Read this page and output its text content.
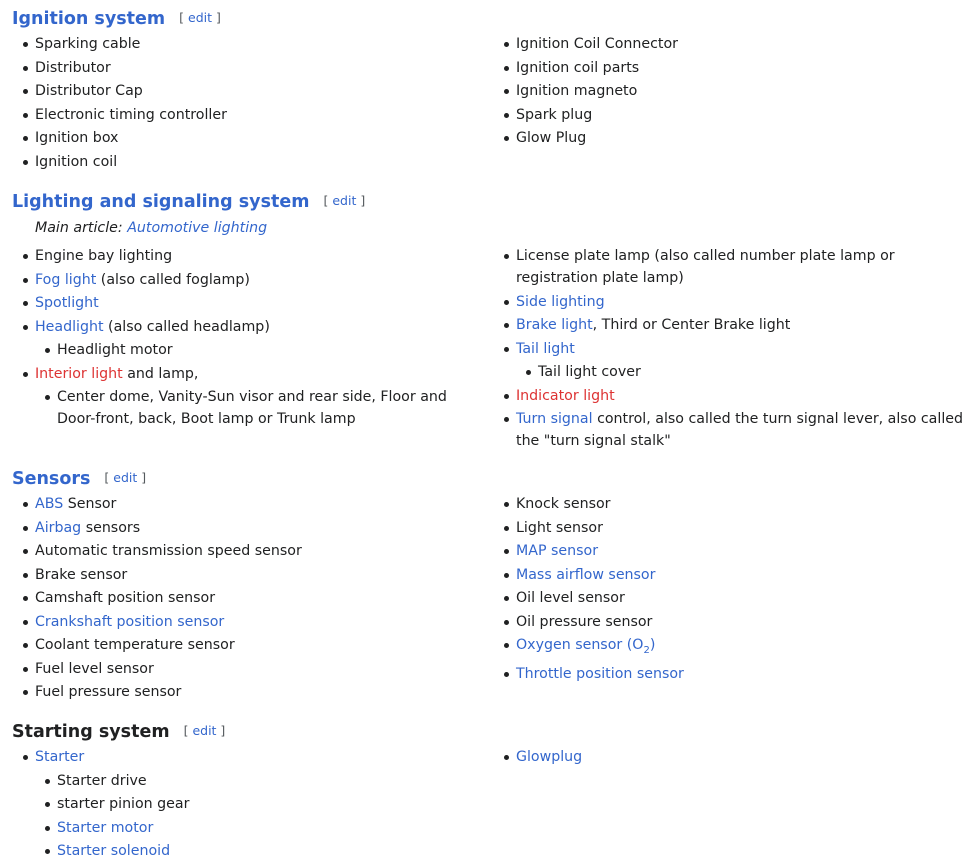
Ignition system [ edit ]
Sparking cable
Distributor
Distributor Cap
Electronic timing controller
Ignition box
Ignition coil
Ignition Coil Connector
Ignition coil parts
Ignition magneto
Spark plug
Glow Plug
Lighting and signaling system [ edit ]
Main article: Automotive lighting
Engine bay lighting
Fog light (also called foglamp)
Spotlight
Headlight (also called headlamp)
Headlight motor
Interior light and lamp,
Center dome, Vanity-Sun visor and rear side, Floor and Door-front, back, Boot lamp or Trunk lamp
License plate lamp (also called number plate lamp or registration plate lamp)
Side lighting
Brake light, Third or Center Brake light
Tail light
Tail light cover
Indicator light
Turn signal control, also called the turn signal lever, also called the "turn signal stalk"
Sensors [ edit ]
ABS Sensor
Airbag sensors
Automatic transmission speed sensor
Brake sensor
Camshaft position sensor
Crankshaft position sensor
Coolant temperature sensor
Fuel level sensor
Fuel pressure sensor
Knock sensor
Light sensor
MAP sensor
Mass airflow sensor
Oil level sensor
Oil pressure sensor
Oxygen sensor $(O_2)$
Throttle position sensor
Starting system [ edit ]
Starter
Starter drive
starter pinion gear
Starter motor
Starter solenoid
Glowplug
